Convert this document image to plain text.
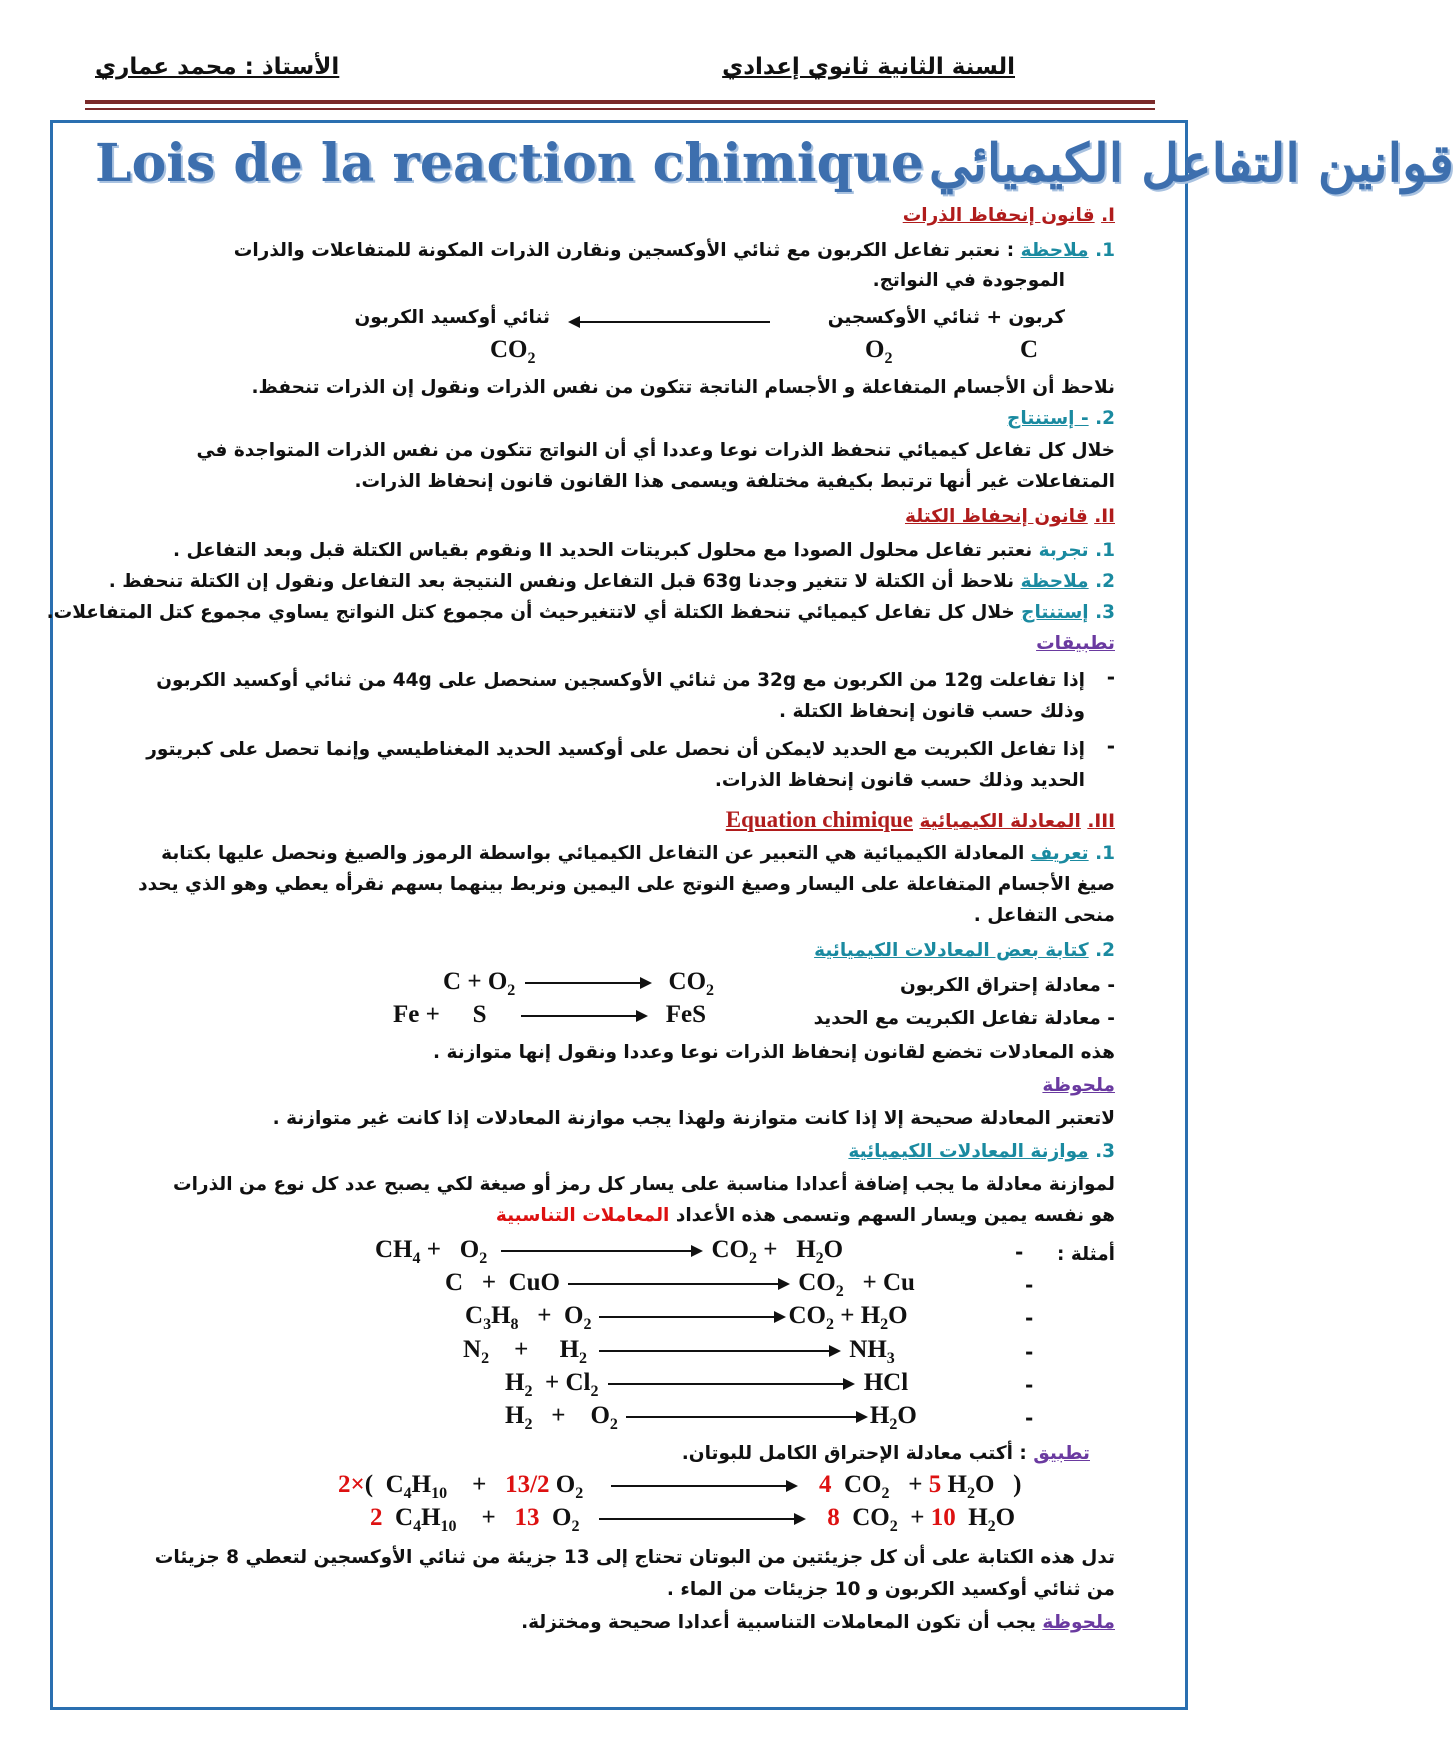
السنة الثانية ثانوي إعدادي
الأستاذ : محمد عماري
Lois de la reaction chimique قوانين التفاعل الكيميائي
I. قانون إنحفاظ الذرات
1. ملاحظة : نعتبر تفاعل الكربون مع ثنائي الأوكسجين ونقارن الذرات المكونة للمتفاعلات والذرات
الموجودة في النواتج.
كربون + ثنائي الأوكسجين
ثنائي أوكسيد الكربون
$CO_2$	$O_2$	C
نلاحظ أن الأجسام المتفاعلة و الأجسام الناتجة تتكون من نفس الذرات ونقول إن الذرات تنحفظ.
2. - إستنتاج
خلال كل تفاعل كيميائي تنحفظ الذرات نوعا وعددا أي أن النواتج تتكون من نفس الذرات المتواجدة في
المتفاعلات غير أنها ترتبط بكيفية مختلفة ويسمى هذا القانون قانون إنحفاظ الذرات.
II. قانون إنحفاظ الكتلة
1. تجربة نعتبر تفاعل محلول الصودا مع محلول كبريتات الحديد II ونقوم بقياس الكتلة قبل وبعد التفاعل .
2. ملاحظة نلاحظ أن الكتلة لا تتغير وجدنا 63g قبل التفاعل ونفس النتيجة بعد التفاعل ونقول إن الكتلة تنحفظ .
3. إستنتاج خلال كل تفاعل كيميائي تنحفظ الكتلة أي لاتتغيرحيث أن مجموع كتل النواتج يساوي مجموع كتل المتفاعلات.
تطبيقات
-
إذا تفاعلت 12g من الكربون مع 32g من ثنائي الأوكسجين سنحصل على 44g من ثنائي أوكسيد الكربون
وذلك حسب قانون إنحفاظ الكتلة .
-
إذا تفاعل الكبريت مع الحديد لايمكن أن نحصل على أوكسيد الحديد المغناطيسي وإنما تحصل على كبريتور
الحديد وذلك حسب قانون إنحفاظ الذرات.
III. المعادلة الكيميائية Equation chimique
1. تعريف المعادلة الكيميائية هي التعبير عن التفاعل الكيميائي بواسطة الرموز والصيغ ونحصل عليها بكتابة
صيغ الأجسام المتفاعلة على اليسار وصيغ النوتج على اليمين ونربط بينهما بسهم نقرأه يعطي وهو الذي يحدد
منحى التفاعل .
2. كتابة بعض المعادلات الكيميائية
- معادلة إحتراق الكربون
- معادلة تفاعل الكبريت مع الحديد
$C + O_2$	$CO_2$
Fe + S	FeS
هذه المعادلات تخضع لقانون إنحفاظ الذرات نوعا وعددا ونقول إنها متوازنة .
ملحوظة
لاتعتبر المعادلة صحيحة إلا إذا كانت متوازنة ولهذا يجب موازنة المعادلات إذا كانت غير متوازنة .
3. موازنة المعادلات الكيميائية
لموازنة معادلة ما يجب إضافة أعدادا مناسبة على يسار كل رمز أو صيغة لكي يصبح عدد كل نوع من الذرات
هو نفسه يمين ويسار السهم وتسمى هذه الأعداد المعاملات التناسبية
أمثلة :
$CH_4 + O_2$	$CO_2 + H_2O$	-
C   +  CuO	$CO_2 + Cu$	-
$C_3H_8 + O_2$	$CO_2 + H_2O$	-
$N_2$    +     $H_2$	$NH_3$	-
$H_2 + Cl_2$	HCl	-
$H_2$   +    $O_2$	$H_2O$	-
تطبيق : أكتب معادلة الإحتراق الكامل للبوتان.
2×( $C_4H_{10}$    +   13/2 $O_2$	4 $CO_2 + 5$ $H_2O$ )
2 $C_4H_{10}$    +   13 $O_2$	8 $CO_2 + 10$ $H_2O$
تدل هذه الكتابة على أن كل جزيئتين من البوتان تحتاج إلى 13 جزيئة من ثنائي الأوكسجين لتعطي 8 جزيئات
من ثنائي أوكسيد الكربون و 10 جزيئات من الماء .
ملحوظة يجب أن تكون المعاملات التناسبية أعدادا صحيحة ومختزلة.
